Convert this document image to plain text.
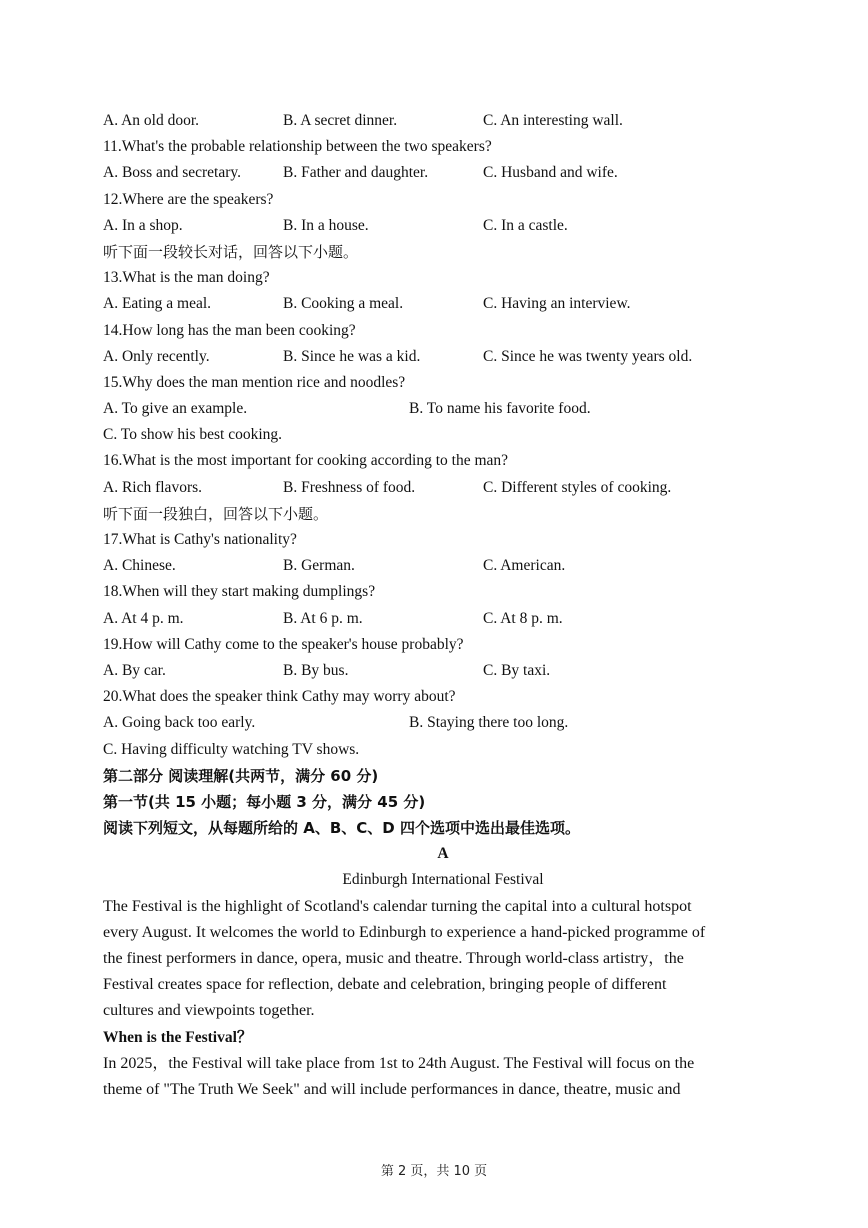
A. An old door.	B. A secret dinner.	C. An interesting wall.
11.What's the probable relationship between the two speakers?
A. Boss and secretary.	B. Father and daughter.	C. Husband and wife.
12.Where are the speakers?
A. In a shop.	B. In a house.	C. In a castle.
听下面一段较长对话，回答以下小题。
13.What is the man doing?
A. Eating a meal.	B. Cooking a meal.	C. Having an interview.
14.How long has the man been cooking?
A. Only recently.	B. Since he was a kid.	C. Since he was twenty years old.
15.Why does the man mention rice and noodles?
A. To give an example.	B. To name his favorite food.
C. To show his best cooking.
16.What is the most important for cooking according to the man?
A. Rich flavors.	B. Freshness of food.	C. Different styles of cooking.
听下面一段独白，回答以下小题。
17.What is Cathy's nationality?
A. Chinese.	B. German.	C. American.
18.When will they start making dumplings?
A. At 4 p. m.	B. At 6 p. m.	C. At 8 p. m.
19.How will Cathy come to the speaker's house probably?
A. By car.	B. By bus.	C. By taxi.
20.What does the speaker think Cathy may worry about?
A. Going back too early.	B. Staying there too long.
C. Having difficulty watching TV shows.
第二部分 阅读理解(共两节，满分 60 分)
第一节(共 15 小题；每小题 3 分，满分 45 分)
阅读下列短文，从每题所给的 A、B、C、D 四个选项中选出最佳选项。
A
Edinburgh International Festival
The Festival is the highlight of Scotland's calendar turning the capital into a cultural hotspot
every August. It welcomes the world to Edinburgh to experience a hand-picked programme of
the finest performers in dance, opera, music and theatre. Through world-class artistry，the
Festival creates space for reflection, debate and celebration, bringing people of different
cultures and viewpoints together.
When is the Festival？
In 2025，the Festival will take place from 1st to 24th August. The Festival will focus on the
theme of "The Truth We Seek" and will include performances in dance, theatre, music and
第 2 页，共 10 页
